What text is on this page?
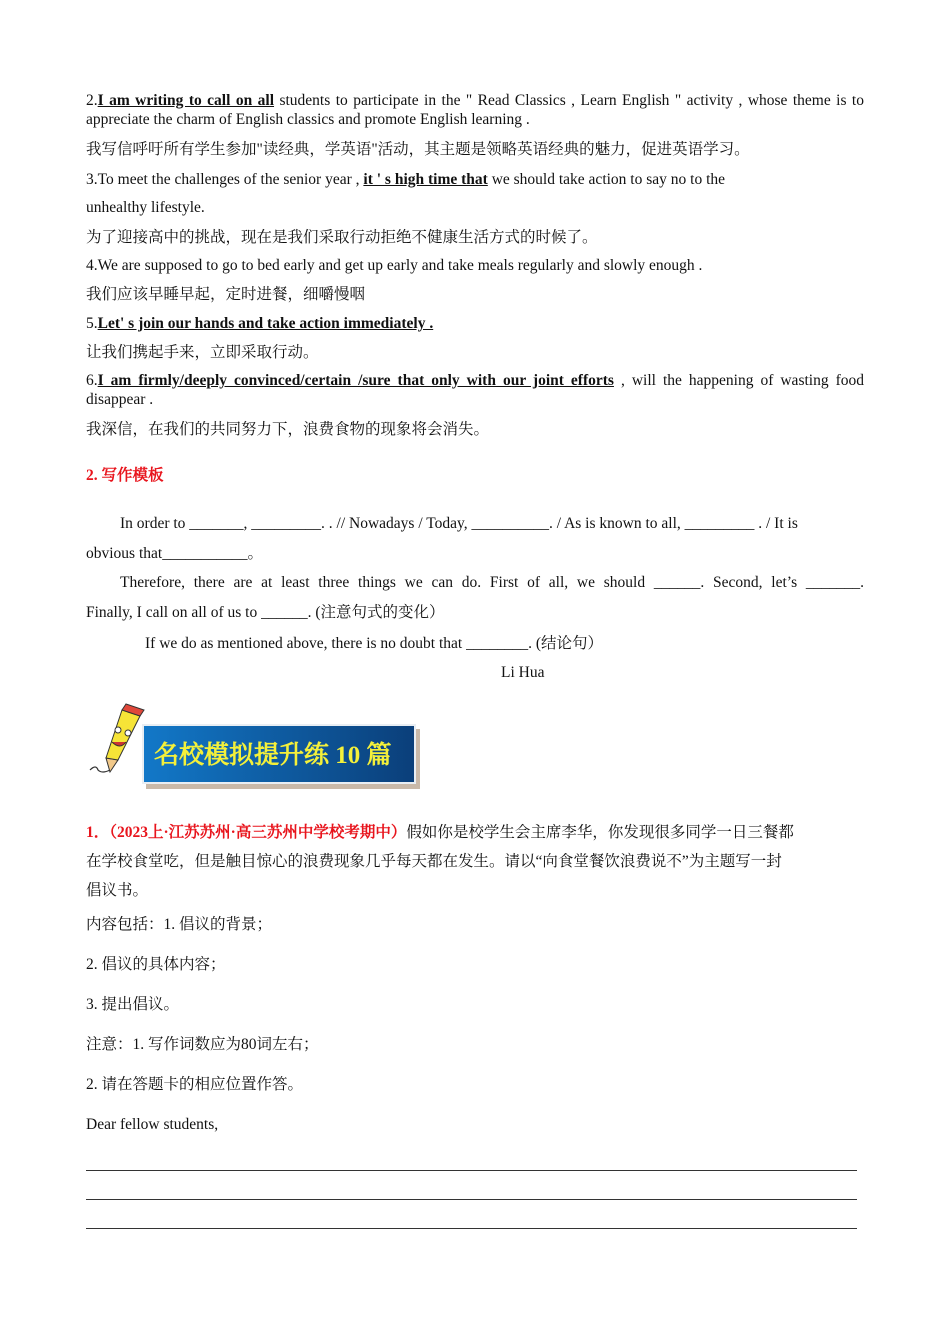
2.I am writing to call on all students to participate in the " Read Classics , Learn English " activity , whose theme is to appreciate the charm of English classics and promote English learning .
我写信呼吁所有学生参加"读经典，学英语"活动，其主题是领略英语经典的魅力，促进英语学习。
3.To meet the challenges of the senior year , it ' s high time that we should take action to say no to the
unhealthy lifestyle.
为了迎接高中的挑战，现在是我们采取行动拒绝不健康生活方式的时候了。
4.We are supposed to go to bed early and get up early and take meals regularly and slowly enough .
我们应该早睡早起，定时进餐，细嚼慢咽
5.Let' s join our hands and take action immediately .
让我们携起手来，立即采取行动。
6.I am firmly/deeply convinced/certain /sure that only with our joint efforts , will the happening of wasting food disappear .
我深信，在我们的共同努力下，浪费食物的现象将会消失。
2. 写作模板
In order to _______, _________. . // Nowadays / Today, __________. / As is known to all, _________ . / It is
obvious that___________。
Therefore, there are at least three things we can do. First of all, we should ______. Second, let’s _______.
Finally, I call on all of us to ______. (注意句式的变化）
If we do as mentioned above, there is no doubt that ________. (结论句）
Li Hua
名校模拟提升练 10 篇
1．（2023上·江苏苏州·高三苏州中学校考期中）假如你是校学生会主席李华，你发现很多同学一日三餐都
在学校食堂吃，但是触目惊心的浪费现象几乎每天都在发生。请以“向食堂餐饮浪费说不”为主题写一封
倡议书。
内容包括：1. 倡议的背景；
2. 倡议的具体内容；
3. 提出倡议。
注意：1. 写作词数应为80词左右；
2. 请在答题卡的相应位置作答。
Dear fellow students,
